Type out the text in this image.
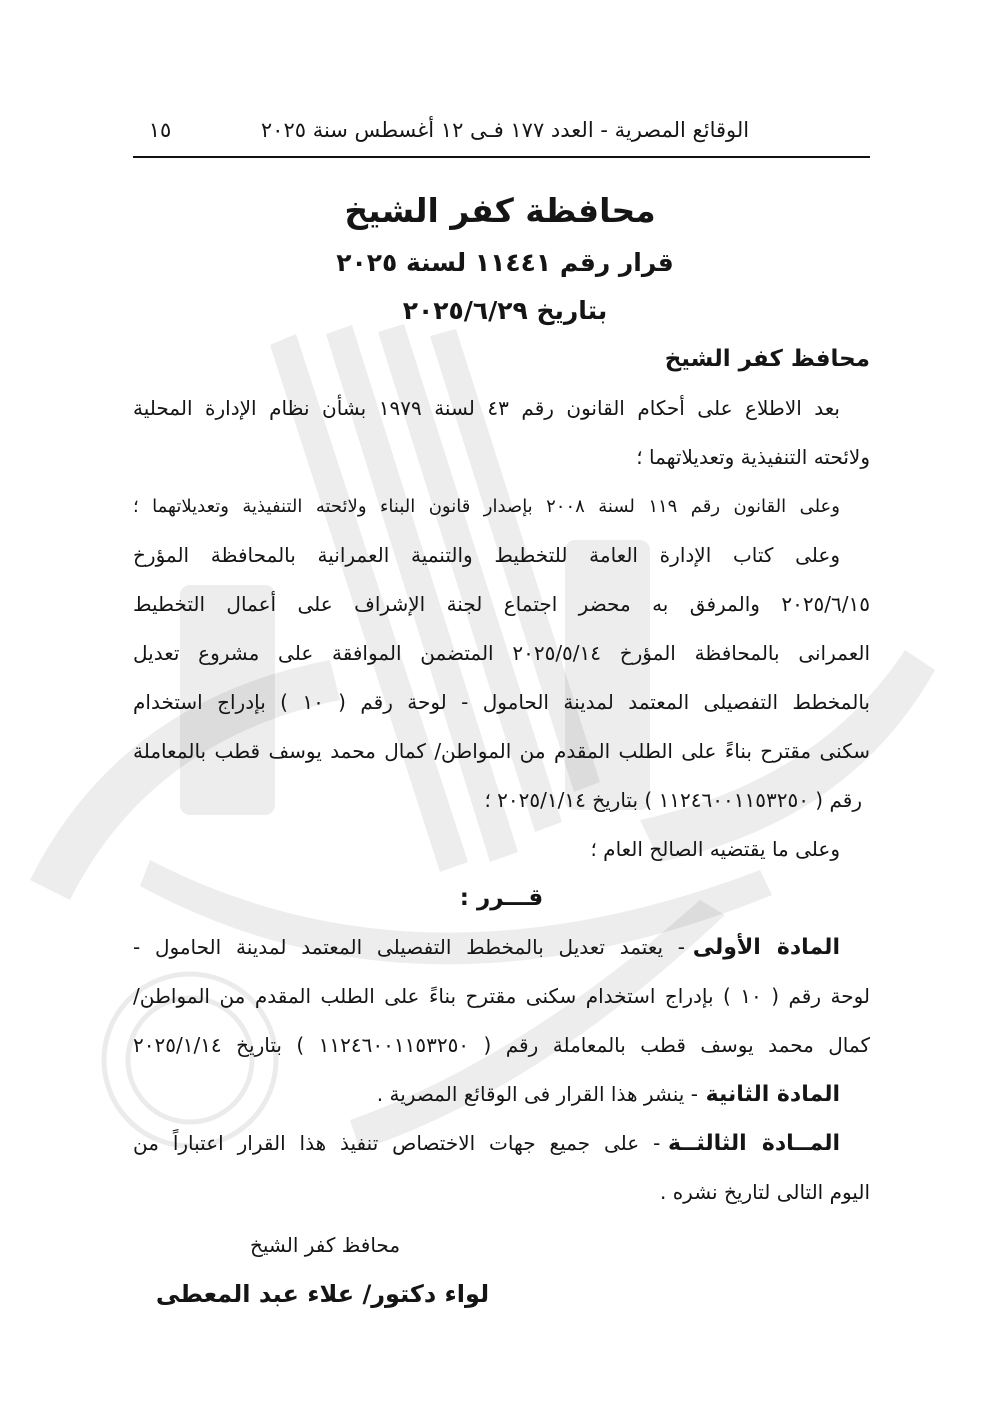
الوقائع المصرية - العدد ١٧٧ فـى ١٢ أغسطس سنة ٢٠٢٥
١٥
محافظة كفر الشيخ
قرار رقم ١١٤٤١ لسنة ٢٠٢٥
بتاريخ ٢٠٢٥/٦/٢٩
محافظ كفر الشيخ
بعد الاطلاع على أحكام القانون رقم ٤٣ لسنة ١٩٧٩ بشأن نظام الإدارة المحلية
ولائحته التنفيذية وتعديلاتهما ؛
وعلى القانون رقم ١١٩ لسنة ٢٠٠٨ بإصدار قانون البناء ولائحته التنفيذية وتعديلاتهما ؛
وعلى كتاب الإدارة العامة للتخطيط والتنمية العمرانية بالمحافظة المؤرخ
٢٠٢٥/٦/١٥ والمرفق به محضر اجتماع لجنة الإشراف على أعمال التخطيط
العمرانى بالمحافظة المؤرخ ٢٠٢٥/٥/١٤ المتضمن الموافقة على مشروع تعديل
بالمخطط التفصيلى المعتمد لمدينة الحامول - لوحة رقم ( ١٠ ) بإدراج استخدام
سكنى مقترح بناءً على الطلب المقدم من المواطن/ كمال محمد يوسف قطب بالمعاملة
رقم ( ١١٢٤٦٠٠١١٥٣٢٥٠ ) بتاريخ ٢٠٢٥/١/١٤ ؛
وعلى ما يقتضيه الصالح العام ؛
قـــرر :
المادة الأولى- يعتمد تعديل بالمخطط التفصيلى المعتمد لمدينة الحامول -
لوحة رقم ( ١٠ ) بإدراج استخدام سكنى مقترح بناءً على الطلب المقدم من المواطن/
كمال محمد يوسف قطب بالمعاملة رقم ( ١١٢٤٦٠٠١١٥٣٢٥٠ ) بتاريخ ٢٠٢٥/١/١٤
المادة الثانية- ينشر هذا القرار فى الوقائع المصرية .
المــادة الثالثــة- على جميع جهات الاختصاص تنفيذ هذا القرار اعتباراً من
اليوم التالى لتاريخ نشره .
محافظ كفر الشيخ
لواء دكتور/ علاء عبد المعطى
